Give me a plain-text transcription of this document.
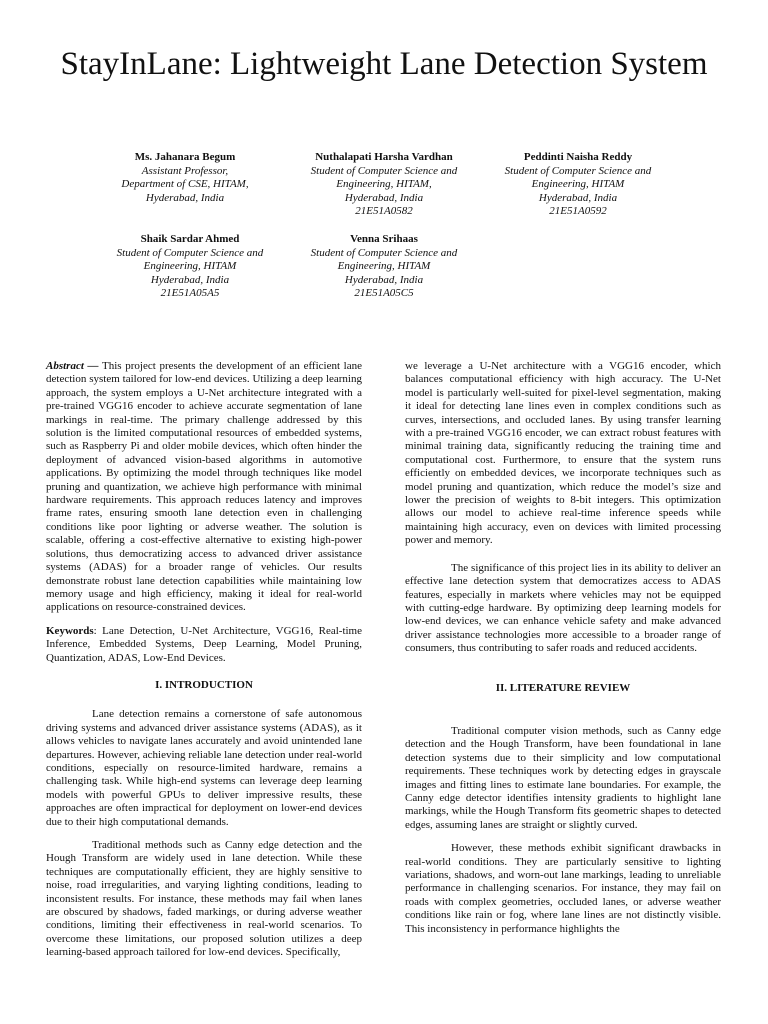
StayInLane: Lightweight Lane Detection System
Ms. Jahanara Begum
Assistant Professor,
Department of CSE, HITAM,
Hyderabad, India
Nuthalapati Harsha Vardhan
Student of Computer Science and
Engineering, HITAM,
Hyderabad, India
21E51A0582
Peddinti Naisha Reddy
Student of Computer Science and
Engineering, HITAM
Hyderabad, India
21E51A0592
Shaik Sardar Ahmed
Student of Computer Science and
Engineering, HITAM
Hyderabad, India
21E51A05A5
Venna Srihaas
Student of Computer Science and
Engineering, HITAM
Hyderabad, India
21E51A05C5

Abstract — This project presents the development of an efficient lane detection system tailored for low-end devices. Utilizing a deep learning approach, the system employs a U-Net architecture integrated with a pre-trained VGG16 encoder to achieve accurate segmentation of lane markings in real-time. The primary challenge addressed by this solution is the limited computational resources of embedded systems, such as Raspberry Pi and older mobile devices, which often hinder the deployment of advanced vision-based algorithms in automotive applications. By optimizing the model through techniques like model pruning and quantization, we achieve high performance with minimal hardware requirements. This approach reduces latency and improves frame rates, ensuring smooth lane detection even in challenging conditions like poor lighting or adverse weather. The solution is scalable, offering a cost-effective alternative to existing high-power solutions, thus democratizing access to advanced driver assistance systems (ADAS) for a broader range of vehicles. Our results demonstrate robust lane detection capabilities while maintaining low memory usage and high efficiency, making it ideal for real-world applications on resource-constrained devices.

Keywords: Lane Detection, U-Net Architecture, VGG16, Real-time Inference, Embedded Systems, Deep Learning, Model Pruning, Quantization, ADAS, Low-End Devices.

I. INTRODUCTION

Lane detection remains a cornerstone of safe autonomous driving systems and advanced driver assistance systems (ADAS), as it allows vehicles to navigate lanes accurately and avoid unintended lane departures. However, achieving reliable lane detection under real-world conditions, especially on resource-limited hardware, remains a challenging task. While high-end systems can leverage deep learning models with powerful GPUs to deliver impressive results, these approaches are often impractical for deployment on lower-end devices due to their high computational demands.

Traditional methods such as Canny edge detection and the Hough Transform are widely used in lane detection. While these techniques are computationally efficient, they are highly sensitive to noise, road irregularities, and varying lighting conditions, leading to inconsistent results. For instance, these methods may fail when lanes are obscured by shadows, faded markings, or during adverse weather conditions, limiting their effectiveness in real-world scenarios. To overcome these limitations, our proposed solution utilizes a deep learning-based approach tailored for low-end devices. Specifically,

we leverage a U-Net architecture with a VGG16 encoder, which balances computational efficiency with high accuracy. The U-Net model is particularly well-suited for pixel-level segmentation, making it ideal for detecting lane lines even in complex conditions such as curves, intersections, and occluded lanes. By using transfer learning with a pre-trained VGG16 encoder, we can extract robust features with minimal training data, significantly reducing the training time and computational cost. Furthermore, to ensure that the system runs efficiently on embedded devices, we incorporate techniques such as model pruning and quantization, which reduce the model’s size and lower the precision of weights to 8-bit integers. This optimization allows our model to achieve real-time inference speeds while maintaining high accuracy, even on devices with limited processing power and memory.

The significance of this project lies in its ability to deliver an effective lane detection system that democratizes access to ADAS features, especially in markets where vehicles may not be equipped with cutting-edge hardware. By optimizing deep learning models for low-end devices, we can enhance vehicle safety and make advanced driver assistance technologies more accessible to a broader range of consumers, thus contributing to safer roads and reduced accidents.

II. LITERATURE REVIEW

Traditional computer vision methods, such as Canny edge detection and the Hough Transform, have been foundational in lane detection systems due to their simplicity and low computational requirements. These techniques work by detecting edges in grayscale images and fitting lines to estimate lane boundaries. For example, the Canny edge detector identifies intensity gradients to highlight lane markings, while the Hough Transform fits geometric shapes to detected edges, assuming lanes are straight or slightly curved.

However, these methods exhibit significant drawbacks in real-world conditions. They are particularly sensitive to lighting variations, shadows, and worn-out lane markings, leading to unreliable performance in challenging scenarios. For instance, they may fail on roads with complex geometries, occluded lanes, or adverse weather conditions like rain or fog, where lane lines are not distinctly visible. This inconsistency in performance highlights the
